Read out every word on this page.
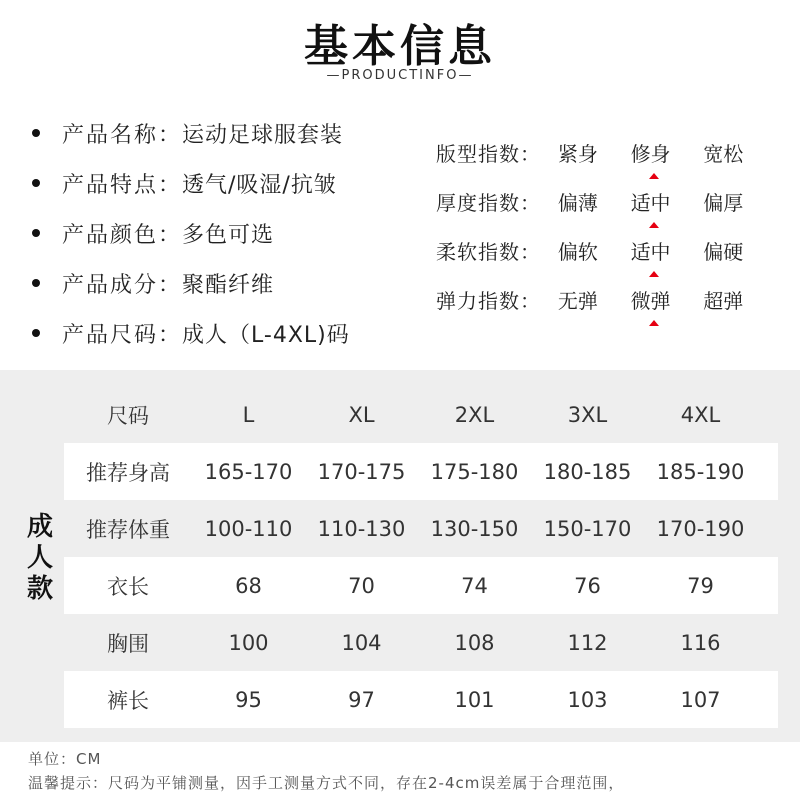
基本信息
—PRODUCTINFO—
产品名称： 运动足球服套装
产品特点： 透气/吸湿/抗皱
产品颜色： 多色可选
产品成分： 聚酯纤维
产品尺码： 成人（L-4XL)码
版型指数： 紧身	修身	宽松
厚度指数： 偏薄	适中	偏厚
柔软指数： 偏软	适中	偏硬
弹力指数： 无弹	微弹	超弹
成人款
尺码	L	XL	2XL	3XL	4XL
推荐身高	165-170	170-175	175-180	180-185	185-190
推荐体重	100-110	110-130	130-150	150-170	170-190
衣长	68	70	74	76	79
胸围	100	104	108	112	116
裤长	95	97	101	103	107
单位：CM
温馨提示：尺码为平铺测量，因手工测量方式不同，存在2-4cm误差属于合理范围，
